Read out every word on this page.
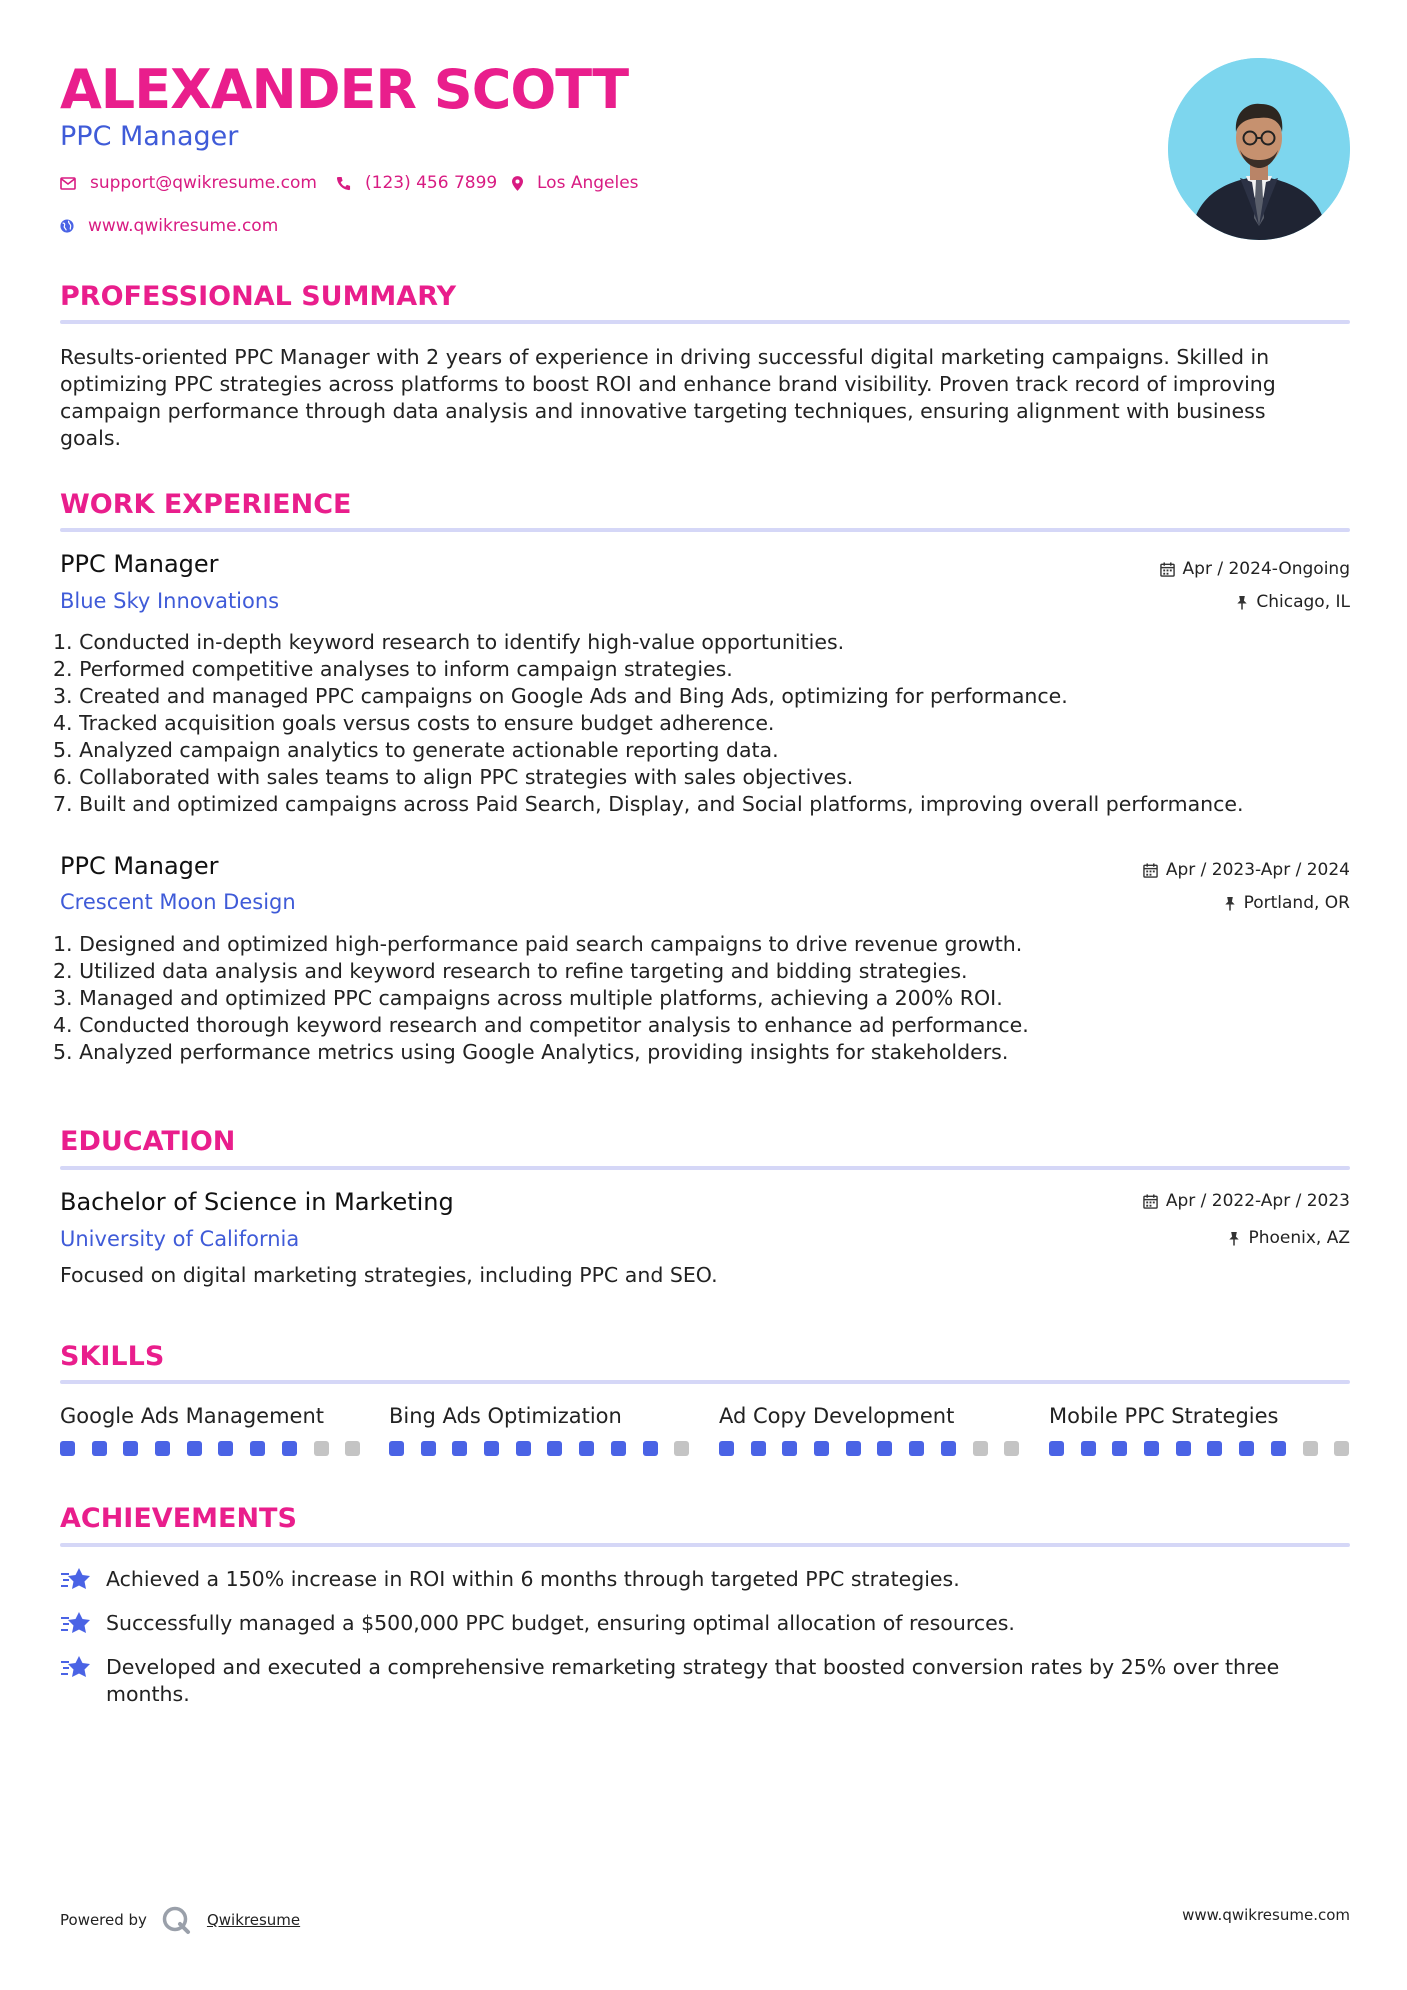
ALEXANDER SCOTT
PPC Manager
support@qwikresume.com	(123) 456 7899 Los Angeles
www.qwikresume.com
PROFESSIONAL SUMMARY
Results-oriented PPC Manager with 2 years of experience in driving successful digital marketing campaigns. Skilled in
optimizing PPC strategies across platforms to boost ROI and enhance brand visibility. Proven track record of improving
campaign performance through data analysis and innovative targeting techniques, ensuring alignment with business
goals.
WORK EXPERIENCE
PPC Manager
Blue Sky Innovations
Apr / 2024-Ongoing
Chicago, IL
1. Conducted in-depth keyword research to identify high-value opportunities.
2. Performed competitive analyses to inform campaign strategies.
3. Created and managed PPC campaigns on Google Ads and Bing Ads, optimizing for performance.
4. Tracked acquisition goals versus costs to ensure budget adherence.
5. Analyzed campaign analytics to generate actionable reporting data.
6. Collaborated with sales teams to align PPC strategies with sales objectives.
7. Built and optimized campaigns across Paid Search, Display, and Social platforms, improving overall performance.
PPC Manager
Crescent Moon Design
Apr / 2023-Apr / 2024
Portland, OR
1. Designed and optimized high-performance paid search campaigns to drive revenue growth.
2. Utilized data analysis and keyword research to refine targeting and bidding strategies.
3. Managed and optimized PPC campaigns across multiple platforms, achieving a 200% ROI.
4. Conducted thorough keyword research and competitor analysis to enhance ad performance.
5. Analyzed performance metrics using Google Analytics, providing insights for stakeholders.
EDUCATION
Bachelor of Science in Marketing
University of California
Apr / 2022-Apr / 2023
Phoenix, AZ
Focused on digital marketing strategies, including PPC and SEO.
SKILLS
Google Ads Management	Bing Ads Optimization	Ad Copy Development	Mobile PPC Strategies
ACHIEVEMENTS
Achieved a 150% increase in ROI within 6 months through targeted PPC strategies.
Successfully managed a $500,000 PPC budget, ensuring optimal allocation of resources.
Developed and executed a comprehensive remarketing strategy that boosted conversion rates by 25% over three months.
Powered by	Qwikresume	www.qwikresume.com
